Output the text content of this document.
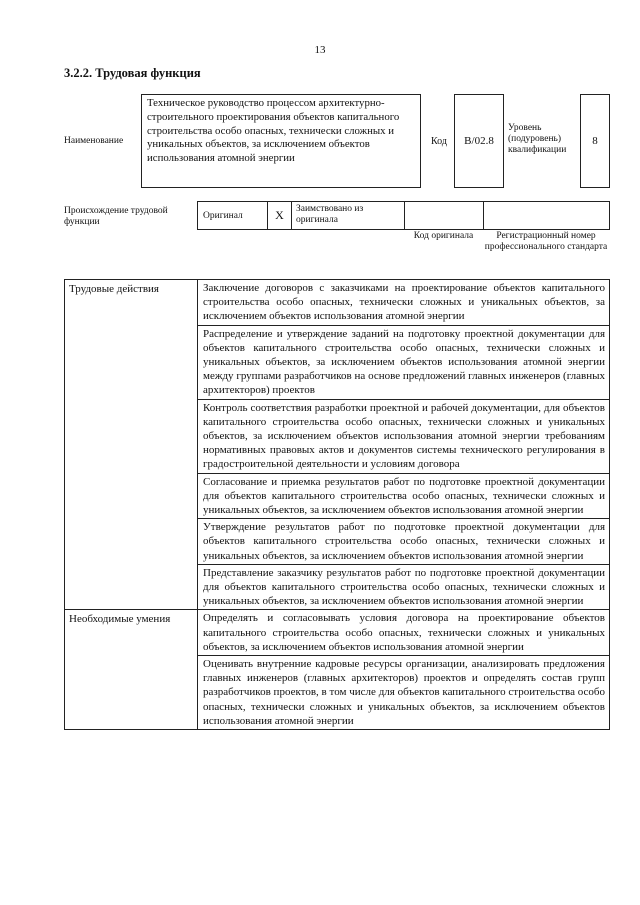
13
3.2.2. Трудовая функция
Наименование
Техническое руководство процессом архитектурно-строительного проектирования объектов капитального строительства особо опасных, технически сложных и уникальных объектов, за исключением объектов использования атомной энергии
Код	B/02.8
Уровень (подуровень) квалификации
8
Происхождение трудовой функции
Оригинал	X Заимствовано из оригинала
Код оригинала	Регистрационный номер профессионального стандарта
Трудовые действия	Заключение договоров с заказчиками на проектирование объектов капитального строительства особо опасных, технически сложных и уникальных объектов, за исключением объектов использования атомной энергии
	Распределение и утверждение заданий на подготовку проектной документации для объектов капитального строительства особо опасных, технически сложных и уникальных объектов, за исключением объектов использования атомной энергии между группами разработчиков на основе предложений главных инженеров (главных архитекторов) проектов
	Контроль соответствия разработки проектной и рабочей документации, для объектов капитального строительства особо опасных, технически сложных и уникальных объектов, за исключением объектов использования атомной энергии требованиям нормативных правовых актов и документов системы технического регулирования в градостроительной деятельности и условиям договора
	Согласование и приемка результатов работ по подготовке проектной документации для объектов капитального строительства особо опасных, технически сложных и уникальных объектов, за исключением объектов использования атомной энергии
	Утверждение результатов работ по подготовке проектной документации для объектов капитального строительства особо опасных, технически сложных и уникальных объектов, за исключением объектов использования атомной энергии
	Представление заказчику результатов работ по подготовке проектной документации для объектов капитального строительства особо опасных, технически сложных и уникальных объектов, за исключением объектов использования атомной энергии
Необходимые умения	Определять и согласовывать условия договора на проектирование объектов капитального строительства особо опасных, технически сложных и уникальных объектов, за исключением объектов использования атомной энергии
	Оценивать внутренние кадровые ресурсы организации, анализировать предложения главных инженеров (главных архитекторов) проектов и определять состав групп разработчиков проектов, в том числе для объектов капитального строительства особо опасных, технически сложных и уникальных объектов, за исключением объектов использования атомной энергии
